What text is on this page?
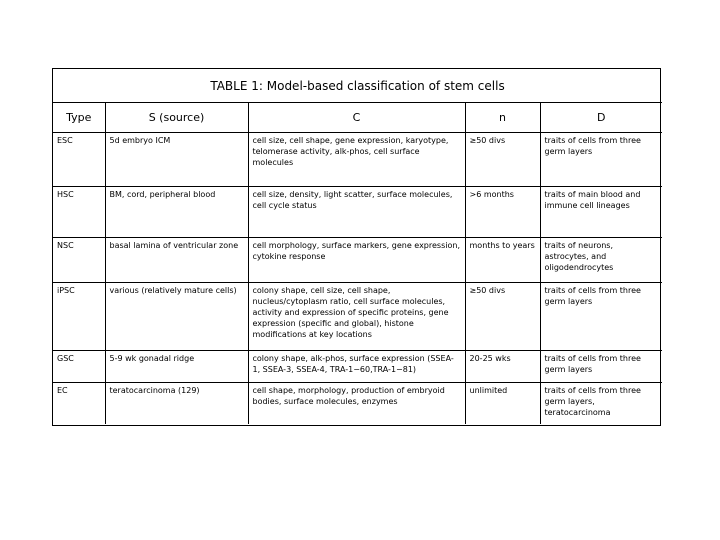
TABLE 1: Model-based classification of stem cells				
Type	S (source)	C	n	D
ESC	5d embryo ICM	cell size, cell shape, gene expression, karyotype, telomerase activity, alk-phos, cell surface molecules	≥50 divs	traits of cells from three germ layers
HSC	BM, cord, peripheral blood	cell size, density, light scatter, surface molecules, cell cycle status	>6 months	traits of main blood and immune cell lineages
NSC	basal lamina of ventricular zone	cell morphology, surface markers, gene expression, cytokine response	months to years	traits of neurons, astrocytes, and oligodendrocytes
iPSC	various (relatively mature cells)	colony shape, cell size, cell shape, nucleus/cytoplasm ratio, cell surface molecules, activity and expression of specific proteins, gene expression (specific and global), histone modifications at key locations	≥50 divs	traits of cells from three germ layers
GSC	5-9 wk gonadal ridge	colony shape, alk-phos, surface expression (SSEA-1, SSEA-3, SSEA-4, TRA-1−60,TRA-1−81)	20-25 wks	traits of cells from three germ layers
EC	teratocarcinoma (129)	cell shape, morphology, production of embryoid bodies, surface molecules, enzymes	unlimited	traits of cells from three germ layers, teratocarcinoma
